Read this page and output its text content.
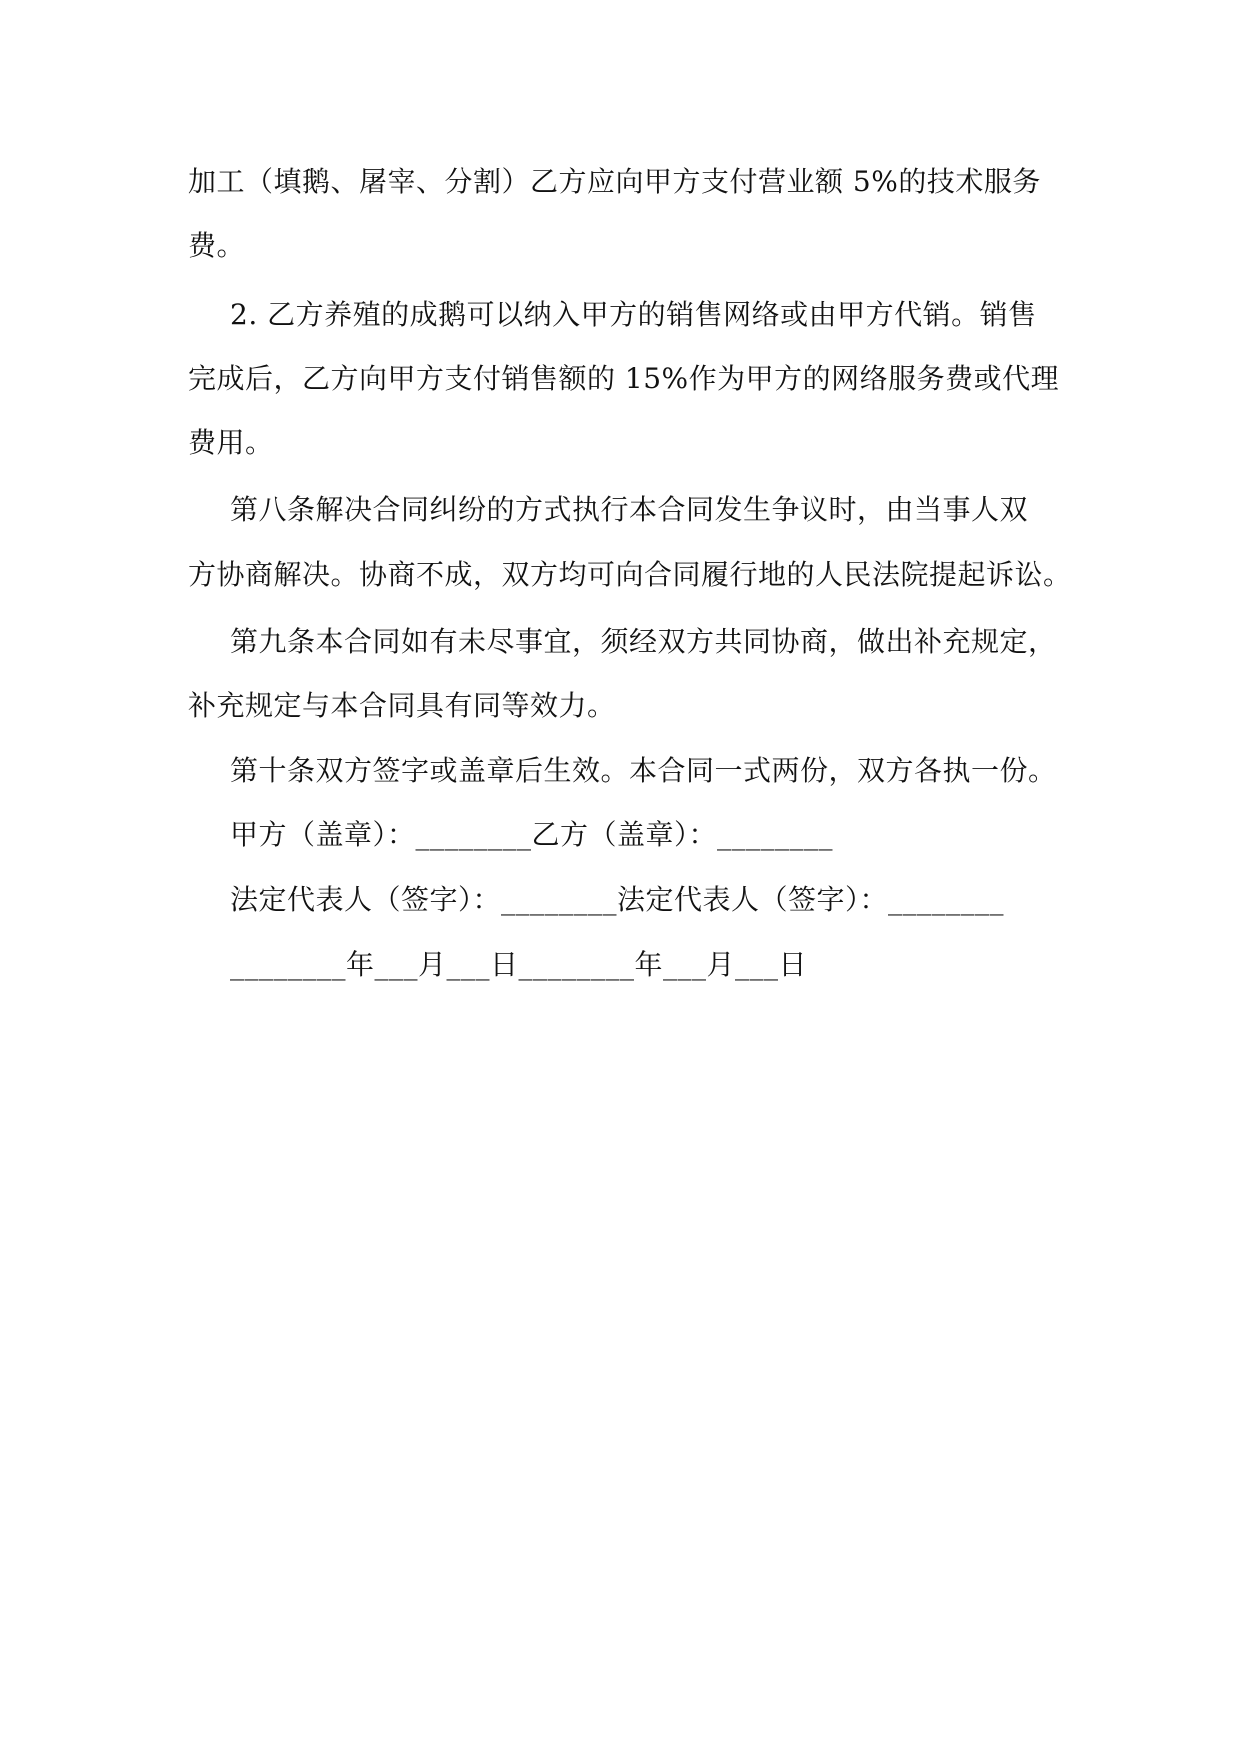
加工（填鹅、屠宰、分割）乙方应向甲方支付营业额 5%的技术服务
费。
2. 乙方养殖的成鹅可以纳入甲方的销售网络或由甲方代销。销售
完成后，乙方向甲方支付销售额的 15%作为甲方的网络服务费或代理
费用。
第八条解决合同纠纷的方式执行本合同发生争议时，由当事人双
方协商解决。协商不成，双方均可向合同履行地的人民法院提起诉讼。
第九条本合同如有未尽事宜，须经双方共同协商，做出补充规定，
补充规定与本合同具有同等效力。
第十条双方签字或盖章后生效。本合同一式两份，双方各执一份。
甲方（盖章）：________乙方（盖章）：________
法定代表人（签字）：________法定代表人（签字）：________
________年___月___日________年___月___日
